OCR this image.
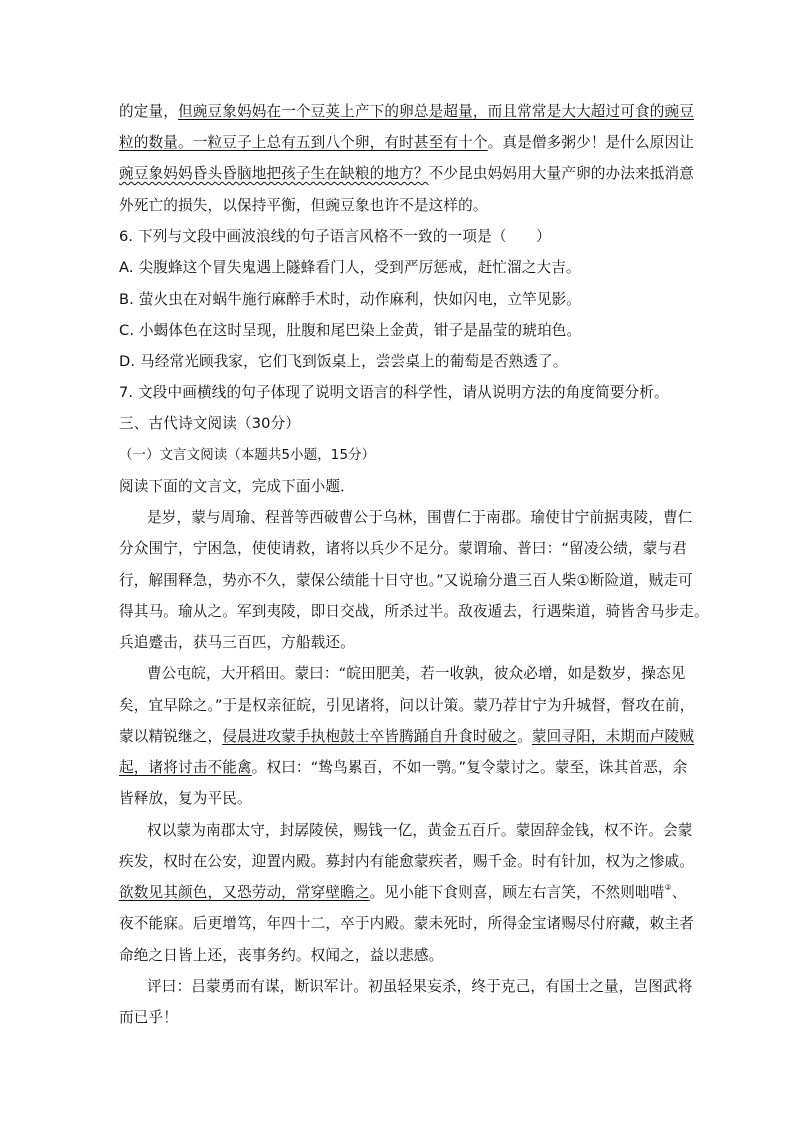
的定量，但豌豆象妈妈在一个豆荚上产下的卵总是超量，而且常常是大大超过可食的豌豆
粒的数量。一粒豆子上总有五到八个卵，有时甚至有十个。真是僧多粥少！是什么原因让
豌豆象妈妈昏头昏脑地把孩子生在缺粮的地方？不少昆虫妈妈用大量产卵的办法来抵消意
外死亡的损失，以保持平衡，但豌豆象也许不是这样的。
6. 下列与文段中画波浪线的句子语言风格不一致的一项是（　　）
A. 尖腹蜂这个冒失鬼遇上隧蜂看门人，受到严厉惩戒，赶忙溜之大吉。
B. 萤火虫在对蜗牛施行麻醉手术时，动作麻利，快如闪电，立竿见影。
C. 小蝎体色在这时呈现，肚腹和尾巴染上金黄，钳子是晶莹的琥珀色。
D. 马经常光顾我家，它们飞到饭桌上，尝尝桌上的葡萄是否熟透了。
7. 文段中画横线的句子体现了说明文语言的科学性，请从说明方法的角度简要分析。
三、古代诗文阅读（30分）
（一）文言文阅读（本题共5小题，15分）
阅读下面的文言文，完成下面小题．
是岁，蒙与周瑜、程普等西破曹公于乌林，围曹仁于南郡。瑜使甘宁前据夷陵，曹仁
分众围宁，宁困急，使使请救，诸将以兵少不足分。蒙谓瑜、普曰：“留凌公绩，蒙与君
行，解围释急，势亦不久，蒙保公绩能十日守也。”又说瑜分遣三百人柴①断险道，贼走可
得其马。瑜从之。军到夷陵，即日交战，所杀过半。敌夜遁去，行遇柴道，骑皆舍马步走。
兵追蹙击，获马三百匹，方船载还。
曹公屯皖，大开稻田。蒙曰：“皖田肥美，若一收孰，彼众必增，如是数岁，操态见
矣，宜早除之。”于是权亲征皖，引见诸将，问以计策。蒙乃荐甘宁为升城督，督攻在前，
蒙以精锐继之，侵晨进攻蒙手执枹鼓士卒皆腾踊自升食时破之。蒙回寻阳，未期而卢陵贼
起，诸将讨击不能禽。权曰：“鸷鸟累百，不如一鹗。”复令蒙讨之。蒙至，诛其首恶，余
皆释放，复为平民。
权以蒙为南郡太守，封孱陵侯，赐钱一亿，黄金五百斤。蒙固辞金钱，权不许。会蒙
疾发，权时在公安，迎置内殿。募封内有能愈蒙疾者，赐千金。时有针加，权为之惨戚。
欲数见其颜色，又恐劳动，常穿壁瞻之。见小能下食则喜，顾左右言笑，不然则咄唶②、
夜不能寐。后更增笃，年四十二，卒于内殿。蒙未死时，所得金宝诸赐尽付府藏，敕主者
命绝之日皆上还，丧事务约。权闻之，益以悲感。
评曰：吕蒙勇而有谋，断识军计。初虽轻果妄杀，终于克己，有国士之量，岂图武将
而已乎！
